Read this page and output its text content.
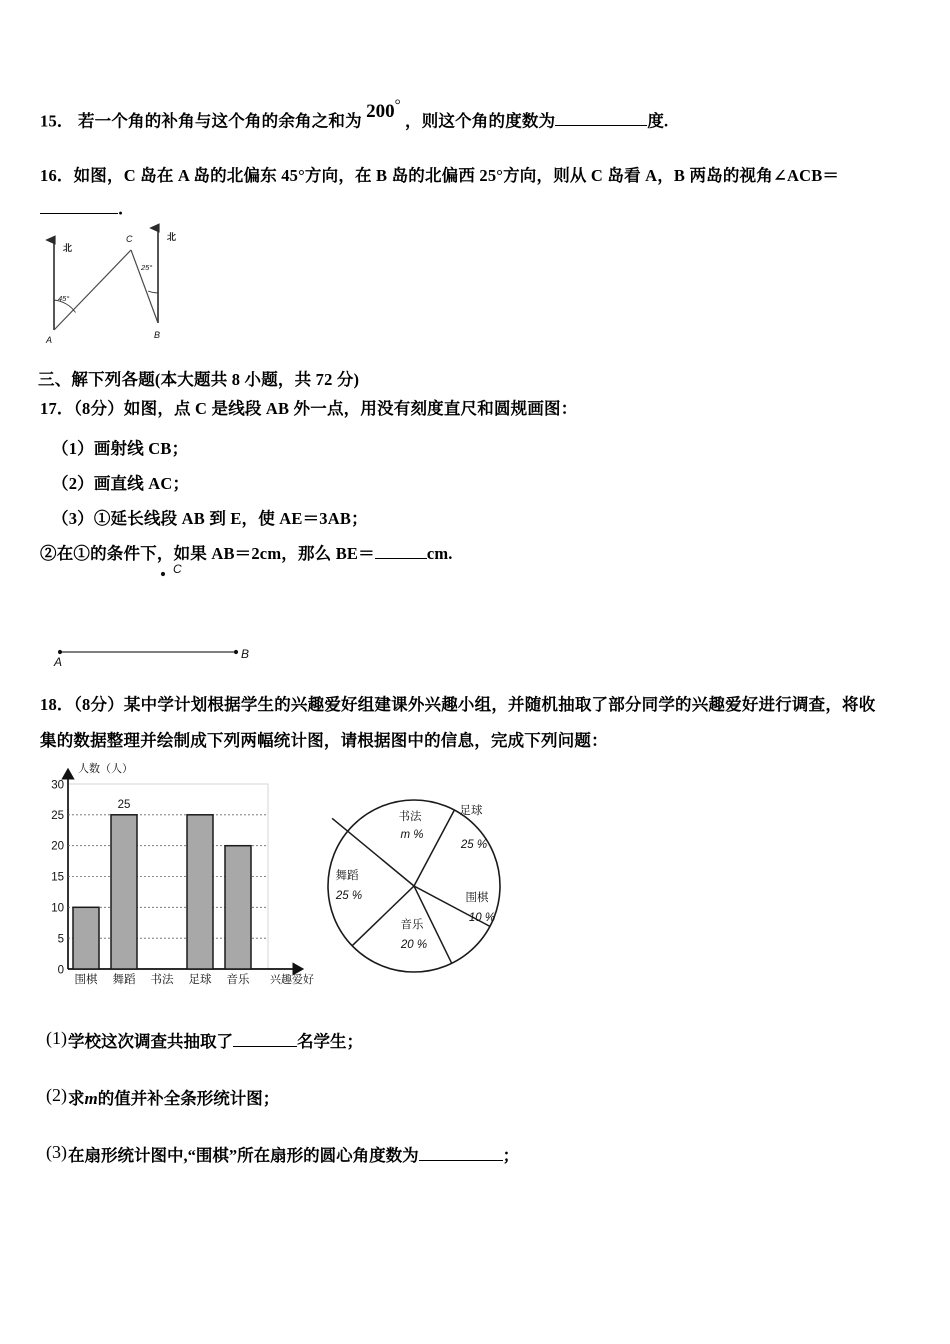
15． 若一个角的补角与这个角的余角之和为 200° ，则这个角的度数为	度.
16．如图，C 岛在 A 岛的北偏东 45°方向，在 B 岛的北偏西 25°方向，则从 C 岛看 A，B 两岛的视角∠ACB＝
．
北
北
45°
25°
A	B
C
三、解下列各题(本大题共 8 小题，共 72 分)
17．（8分）如图，点 C 是线段 AB 外一点，用没有刻度直尺和圆规画图：
（1）画射线 CB；
（2）画直线 AC；
（3）①延长线段 AB 到 E，使 AE＝3AB；
②在①的条件下，如果 AB＝2cm，那么 BE＝	cm.
C
A
B
18．（8分）某中学计划根据学生的兴趣爱好组建课外兴趣小组，并随机抽取了部分同学的兴趣爱好进行调查，将收
集的数据整理并绘制成下列两幅统计图，请根据图中的信息，完成下列问题：
人数（人）
兴趣爱好
0
5
10
15
20
25
30
25
围棋 舞蹈 书法 足球 音乐
足球
25 %
围棋
10 %
音乐
20 %
舞蹈
25 %
书法
m %
(1)学校这次调查共抽取了	名学生；
(2)求m的值并补全条形统计图；
(3)在扇形统计图中,“围棋”所在扇形的圆心角度数为	；
